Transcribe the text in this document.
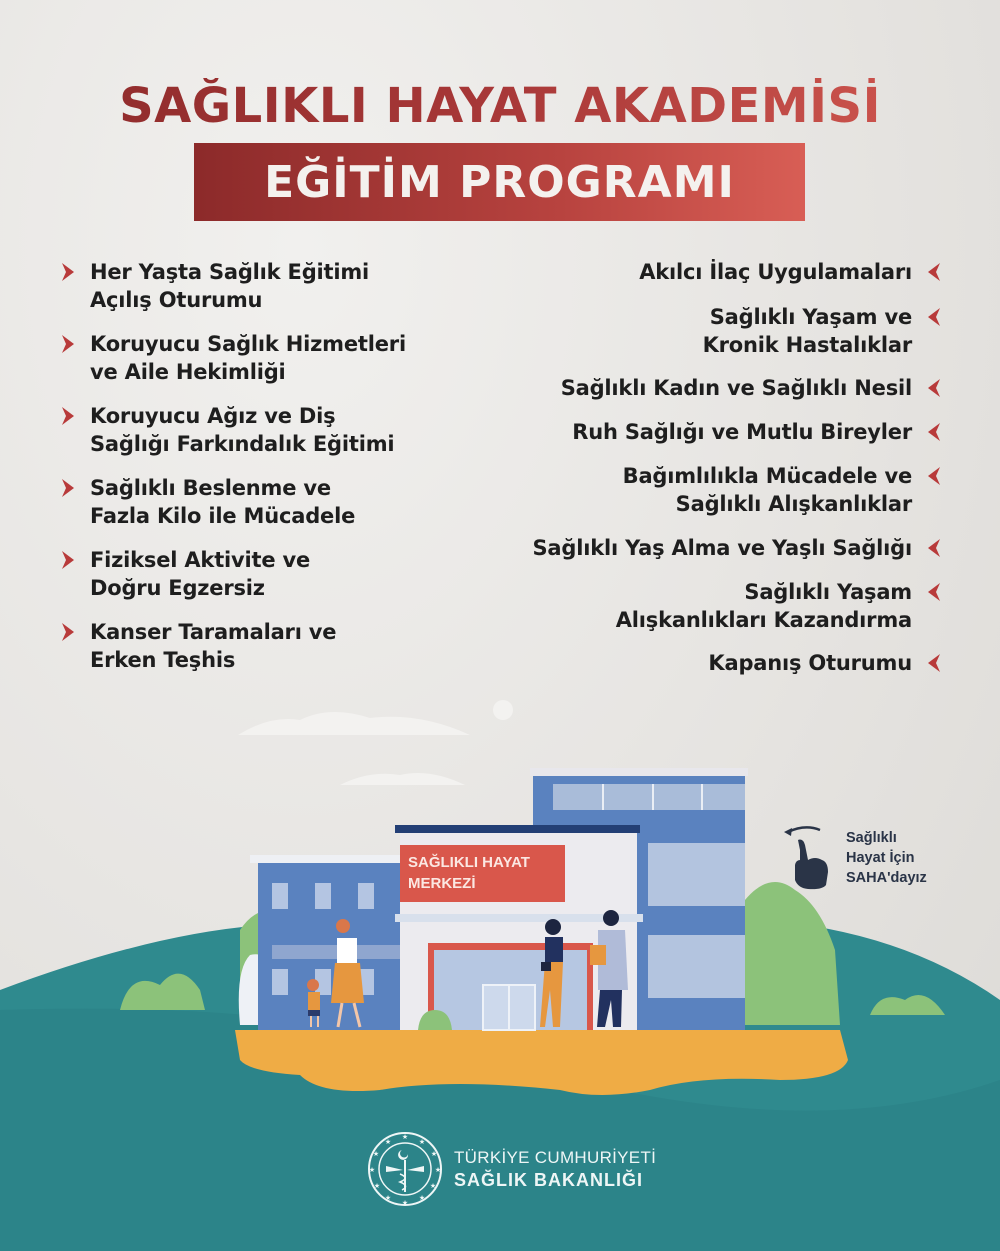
SAĞLIKLI HAYAT AKADEMİSİ
EĞİTİM PROGRAMI
Her Yaşta Sağlık Eğitimi
Açılış Oturumu
Koruyucu Sağlık Hizmetleri
ve Aile Hekimliği
Koruyucu Ağız ve Diş
Sağlığı Farkındalık Eğitimi
Sağlıklı Beslenme ve
Fazla Kilo ile Mücadele
Fiziksel Aktivite ve
Doğru Egzersiz
Kanser Taramaları ve
Erken Teşhis
Akılcı İlaç Uygulamaları
Sağlıklı Yaşam ve
Kronik Hastalıklar
Sağlıklı Kadın ve Sağlıklı Nesil
Ruh Sağlığı ve Mutlu Bireyler
Bağımlılıkla Mücadele ve
Sağlıklı Alışkanlıklar
Sağlıklı Yaş Alma ve Yaşlı Sağlığı
Sağlıklı Yaşam
Alışkanlıkları Kazandırma
Kapanış Oturumu
SAĞLIKLI HAYAT
MERKEZİ
Sağlıklı
Hayat İçin
SAHA'dayız
★
★
★
★
★
★
★
★
★
★
★
★
TÜRKİYE CUMHURİYETİ
SAĞLIK BAKANLIĞI
